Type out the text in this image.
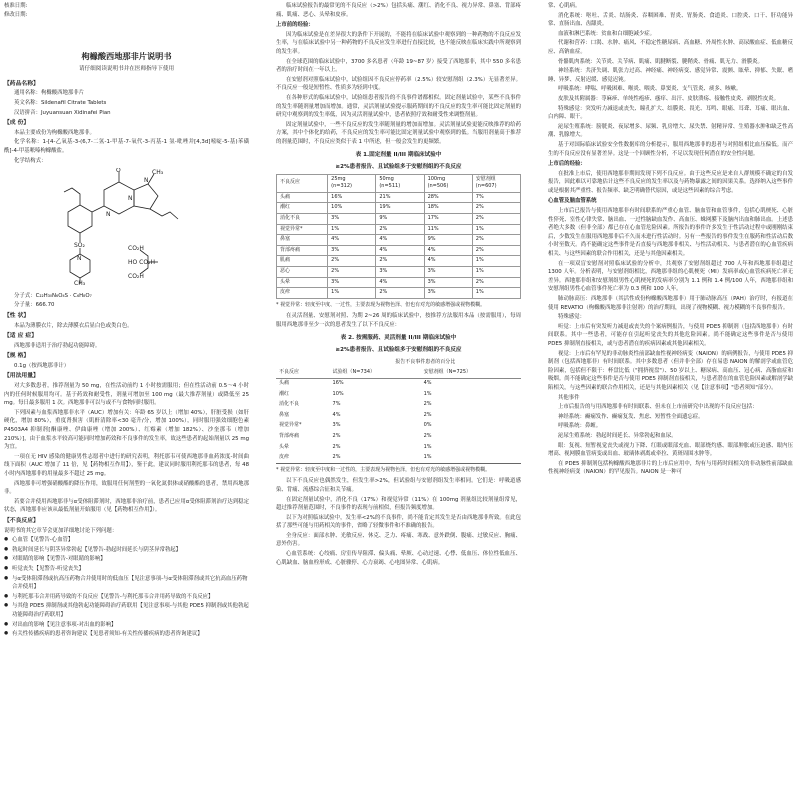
核准日期:
修改日期:
枸橼酸西地那非片说明书
请仔细阅读说明书并在医师指导下使用
【药品名称】

通用名称：枸橼酸西地那非片

英文名称：Sildenafil Citrate Tablets

汉语拼音：Juyuansuan Xidinafei Pian

【成 份】

本品主要成份为枸橼酸西地那非。

化学名称：1-[4-乙氧基-3-(6,7-二氢-1-甲基-7-氧代-3-丙基-1 氢-吡唑并[4,3d]嘧啶-5-基)苯磺酰]-4-甲基哌嗪枸橼酸盐。

化学结构式：

O
N
N
N
CH₃
SO₂
N
CH₃
CO₂H
HO CO₂H
CO₂H

分子式：C₂₂H₃₀N₆O₄S · C₆H₈O₇

分子量：666.70

【性 状】

本品为薄膜衣片，除去薄膜衣后显白色或类白色。

【适 应 症】

西地那非适用于治疗勃起功能障碍。

【规 格】

0.1g（按西地那非计）

【用法用量】

对大多数患者，推荐剂量为 50 mg，在性活动前约 1 小时按需服用；但在性活动前 0.5～4 小时内的任何时候服用均可。基于药效和耐受性，剂量可增加至 100 mg（最大推荐剂量）或降低至 25 mg。每日最多服用 1 次。西地那非可以与或不与食物同时服用。

下列因素与血浆西地那非水平（AUC）增加有关：年龄 65 岁以上（增加 40%），肝脏受损（如肝硬化，增加 80%），重度肾损害（肌酐清除率<30 毫升/分，增加 100%），同时服用强效细胞色素 P4503A4 抑制剂[酮康唑、伊曲康唑（增加 200%）、红霉素（增加 182%）、沙奎那韦（增加 210%）]，由于血浆水平较高可能同时增加药效和不良事件的发生率，故这些患者的起始剂量以 25 mg 为宜。

一项在无 HIV 感染的健康男性志愿者中进行的研究表明，利托那韦可使西地那非血药浓度-时间曲线下面积（AUC 增加了 11 倍，见【药物相互作用】），鉴于此，建议同时服用利托那韦的患者，每 48 小时内西地那非的用量最多不超过 25 mg。

西地那非可增强硝酸酯的降压作用，故服用任何剂型的一氧化氮供体或硝酸酯的患者，禁用西地那非。

若要合并使用西地那非与α受体阻滞剂时，西地那非治疗前，患者已应用α受体阻滞剂治疗达到稳定状态，西地那非应该从最低剂量开始服用（见【药物相互作用】）。

【不良反应】

说明书的其它章节会更加详细地讨论下列问题：

● 心血管【见警告-心血管】
● 勃起时间延长与阴茎异常勃起【见警告-勃起时间延长与阴茎异常勃起】
● 对眼睛的影响【见警告-对眼睛的影响】
● 听觉丧失【见警告-听觉丧失】
● 与α受体阻滞剂或抗高压药物合并使用时的低血压【见注意事项-与α受体阻滞剂或其它抗高血压药物合并使用】
● 与利托那韦合并用药导致的不良反应【见警告-与利托那韦合并用药导致的不良反应】
● 与其他 PDE5 抑制剂或其他勃起功能障碍治疗药联用【见注意事项-与其他 PDE5 抑制剂或其他勃起功能障碍治疗药联用】
● 对出血的影响【见注意事项-对出血的影响】
● 有关性传播疾病的患者咨询建议【见患者须知-有关性传播疾病的患者咨询建议】

临床试验报告的最常见的不良反应（>2%）包括头痛、潮红、消化不良、视力异常、鼻塞、背部疼痛、肌痛、恶心、头晕和皮疹。

上市前的经验：

因为临床试验是在差异很大的条件下开展的，不能将在临床试验中观察到的一种药物的不良反应发生率，与在临床试验中另一种药物的不良反应发生率进行直接比较，也不能反映在临床实践中所观察到的发生率。

在全球范围的临床试验中，3700 多名患者（年龄 19~87 岁）接受了西地那非，其中 550 多名患者的治疗时间在一年以上。

在安慰剂对照临床试验中，试验组因不良反应停药率（2.5%）较安慰剂组（2.3%）无显著差异。不良反应一般是短暂性、性质多为轻到中度。

在各种形式的临床试验中，试验组患者报告的不良事件谱都相似。固定剂量试验中，某些不良事件的发生率随剂量增加而增加。通常，灵活剂量试验提示服药期间的不良反应的发生率可能比固定剂量的研究中观察到的发生率低，因为灵活剂量试验中，患者依照疗效和耐受性来调整剂量。

固定剂量试验中，一些不良反应的发生率随剂量的增加而增加。灵活剂量试验更能反映推荐的给药方案，其中个体化的给药，不良反应的发生率可能比固定剂量试验中观察到的低。当服用剂量高于推荐的剂量范围时，不良反应类似于表 1 中所述，但一般会发生的更频繁。

表 1.固定剂量 II/III 期临床试验中
≥2%患者报告、且试验组多于安慰剂组的不良反应
不良反应	25mg
(n=312)	50mg
(n=511)	100mg
(n=506)	安慰剂组
(n=607)
头痛	16%	21%	28%	7%
潮红	10%	19%	18%	2%
消化不良	3%	9%	17%	2%
视觉异常*	1%	2%	11%	1%
鼻塞	4%	4%	9%	2%
背部疼痛	3%	4%	4%	2%
肌痛	2%	2%	4%	1%
恶心	2%	3%	3%	1%
头晕	3%	4%	3%	2%
皮疹	1%	2%	3%	1%

* 视觉异常：轻度至中度、一过性，主要表现为视物色泽、但也有对光的敏感增强或视物模糊。

在灵活剂量、安慰剂对照、为期 2~26 周的临床试验中，按推荐方法服用本品（按需服用），每周服用西地那非至少一次的患者发生了以下不良反应：

表 2. 按需服药、灵活剂量 II/III 期临床试验中
≥2%患者报告、且试验组多于安慰剂组的不良反应
	报告不良事件患者的百分比	
不良反应	试验组（N=734）	安慰剂组（N=725）
头痛	16%	4%
潮红	10%	1%
消化不良	7%	2%
鼻塞	4%	2%
视觉异常*	3%	0%
背部疼痛	2%	2%
头晕	2%	1%
皮疹	2%	1%

* 视觉异常：轻度至中度和一过性的，主要表现为视物色泽，但也有对光的敏感增强或视物模糊。

以下不良反应也偶然发生，但发生率>2%，但试验组与安慰剂组发生率相同。它们是：呼吸道感染、背痛、流感综合征和关节痛。

在固定剂量试验中，消化不良（17%）和视觉异常（11%）在 100mg 剂量组比较剂量组常见，超过推荐剂量范围时，不良事件的表现与前相似，但报告频度增加。

以下为对照临床试验中，发生率<2%的不良事件，尚不能肯定其发生是否由西地那非所致。在此包括了那些可能与用药相关的事件，省略了轻微事件和不准确的报告。

全身反应：面部水肿、光敏反应、休克、乏力、疼痛、寒战、意外跌倒、腹痛、过敏反应、胸痛、意外伤害。

心血管系统：心绞痛、房室传导阻滞、偏头痛、晕厥、心动过速、心悸、低血压、体位性低血压、心肌缺血、脑血栓形成、心脏骤停、心力衰竭、心电图异常、心肌病。

常、心肌病。

消化系统：呕吐、舌炎、结肠炎、吞咽困难、胃炎、胃肠炎、食道炎、口腔炎、口干、肝功能异常、直肠出血、齿龈炎。

血液和淋巴系统：贫血和白细胞减少症。

代谢和营养：口渴、水肿、痛风、不稳定性糖尿病、高血糖、外周性水肿、高尿酸血症、低血糖反应、高钠血症。

骨骼肌肉系统：关节炎、关节病、肌痛、肌腱断裂、腱鞘炎、骨痛、肌无力、滑膜炎。

神经系统：共济失调、肌张力过高、神经痛、神经病变、感觉异常、震颤、眩晕、抑郁、失眠、嗜睡、异梦、反射迟缓、感觉迟钝。

呼吸系统：哮喘、呼吸困难、喉炎、咽炎、鼻窦炎、支气管炎、痰多、咳嗽。

皮肤及其附属器：荨麻疹、单纯性疱疹、瘙痒、出汗、皮肤溃疡、接触性皮炎、剥脱性皮炎。

特殊感觉：突发听力减退或丧失、瞳孔扩大、结膜炎、畏光、耳鸣、眼痛、耳聋、耳痛、眼出血、白内障、眼干。

泌尿生殖系统：膀胱炎、夜尿增多、尿频、乳房增大、尿失禁、射精异常、生殖器水肿和缺乏性高潮、乳腺增大。

基于对国际临床试验安全性数据库的分析提示，服用西地那非的患者与对照组相比血压偏低。而产生的不良反应没有显著差异。这是一个回顾性分析，不足以发现任何潜在的安全性问题。

上市后的经验：

在批准上市后，使用西地那非期间发现下列不良反应。由于这些反应是来自人群规模不确定的自发报告，因此难以可靠地估计这些不良反应的发生率以及与药物暴露之间的因果关系。选择纳入这些事件或是根据其严重性、报告频率、缺乏明确替代原因，或是这些因素的综合考虑。

心血管及脑血管系统

上市后已报告与使用西地那非有时间联系的严重心血管、脑血管和血管事件，包括心肌梗死、心脏性猝死、室性心律失常、脑出血、一过性脑缺血发作、高血压、蛛网膜下及脑内出血和肺出血。上述患者绝大多数（但非全部）都已存在心血管危险因素。所报告的事件许多发生于性活动过程中或刚刚结束后，少数发生在服用西地那非后不久而未进行性活动时。另有一些报告的事件发生在服药和性活动后数小时至数天。尚不能确定这些事件是否直接与西地那非相关、与性活动相关、与患者潜在的心血管疾病相关、与这些因素的联合作用相关，还是与其他因素相关。

在一项双盲安慰剂对照临床试验的分析中，共观察了安慰剂组超过 700 人年和西地那非组超过 1300 人年。分析表明，与安慰剂组相比，西地那非组的心肌梗死（MI）发病率或心血管疾病死亡率无差异。西地那非组和安慰剂组男性心肌梗死的发病率分别为 1.1 例和 1.4 例/100 人年，西地那非组和安慰剂组男性心血管事件死亡率为 0.3 例和 100 人年。

肺动脉高压：西地那非（其活性成份枸橼酸西地那非）用于肺动脉高压（PAH）治疗时，有报道在使用 REVATIO（枸橼酸西地那非注射剂）的治疗期间，出现了视物模糊、视力模糊的不良事件报告。

特殊感觉：

听觉：上市后有突发听力减退或丧失的个案病例报告，与使用 PDE5 抑制剂（包括西地那非）有时间联系。其中一些患者，可能存在引起听觉丧失的其他危险因素。尚不能确定这些事件是否与使用 PDE5 抑制剂直接相关，或与患者潜在的疾病因素或其他因素相关。

视觉：上市后有罕见的非动脉炎性前部缺血性视神经病变（NAION）的病例报告，与使用 PDE5 抑制剂（包括西地那非）有时间联系。其中多数患者（但并非全部）存在易患 NAION 的解剖学或血管危险因素，包括但不限于：杯盘比低（"拥挤视盘"）、50 岁以上、糖尿病、高血压、冠心病、高脂血症和吸烟。尚不能确定这些事件是否与使用 PDE5 抑制剂直接相关，与患者潜在的血管危险因素或解剖学缺陷相关，与这些因素的联合作用相关，还是与其他因素相关（见【注意事项】"患者须知"部分）。

其他事件

上市后报告的与用西地那非有时间联系、但未在上市前研究中出现的不良反应包括：

神经系统：癫痫发作、癫痫复发、焦虑、短暂性全面遗忘症。

呼吸系统：鼻衄。

泌尿生殖系统：勃起时间延长、异常勃起和血尿。

眼：复视、短暂视觉丧失或视力下降、红眼或眼部充血、眼部烧灼感、眼部肿胀或压迫感、眼内压增高、视网膜血管病变或出血、玻璃体剥离或牵拉、黄斑周围水肿等。

在 PDE5 抑制剂包括枸橼酸西地那非片的上市后应用中，均有与用药时间相关的非动脉性前部缺血性视神经病变（NAION）的罕见报告。NAION 是一种可
